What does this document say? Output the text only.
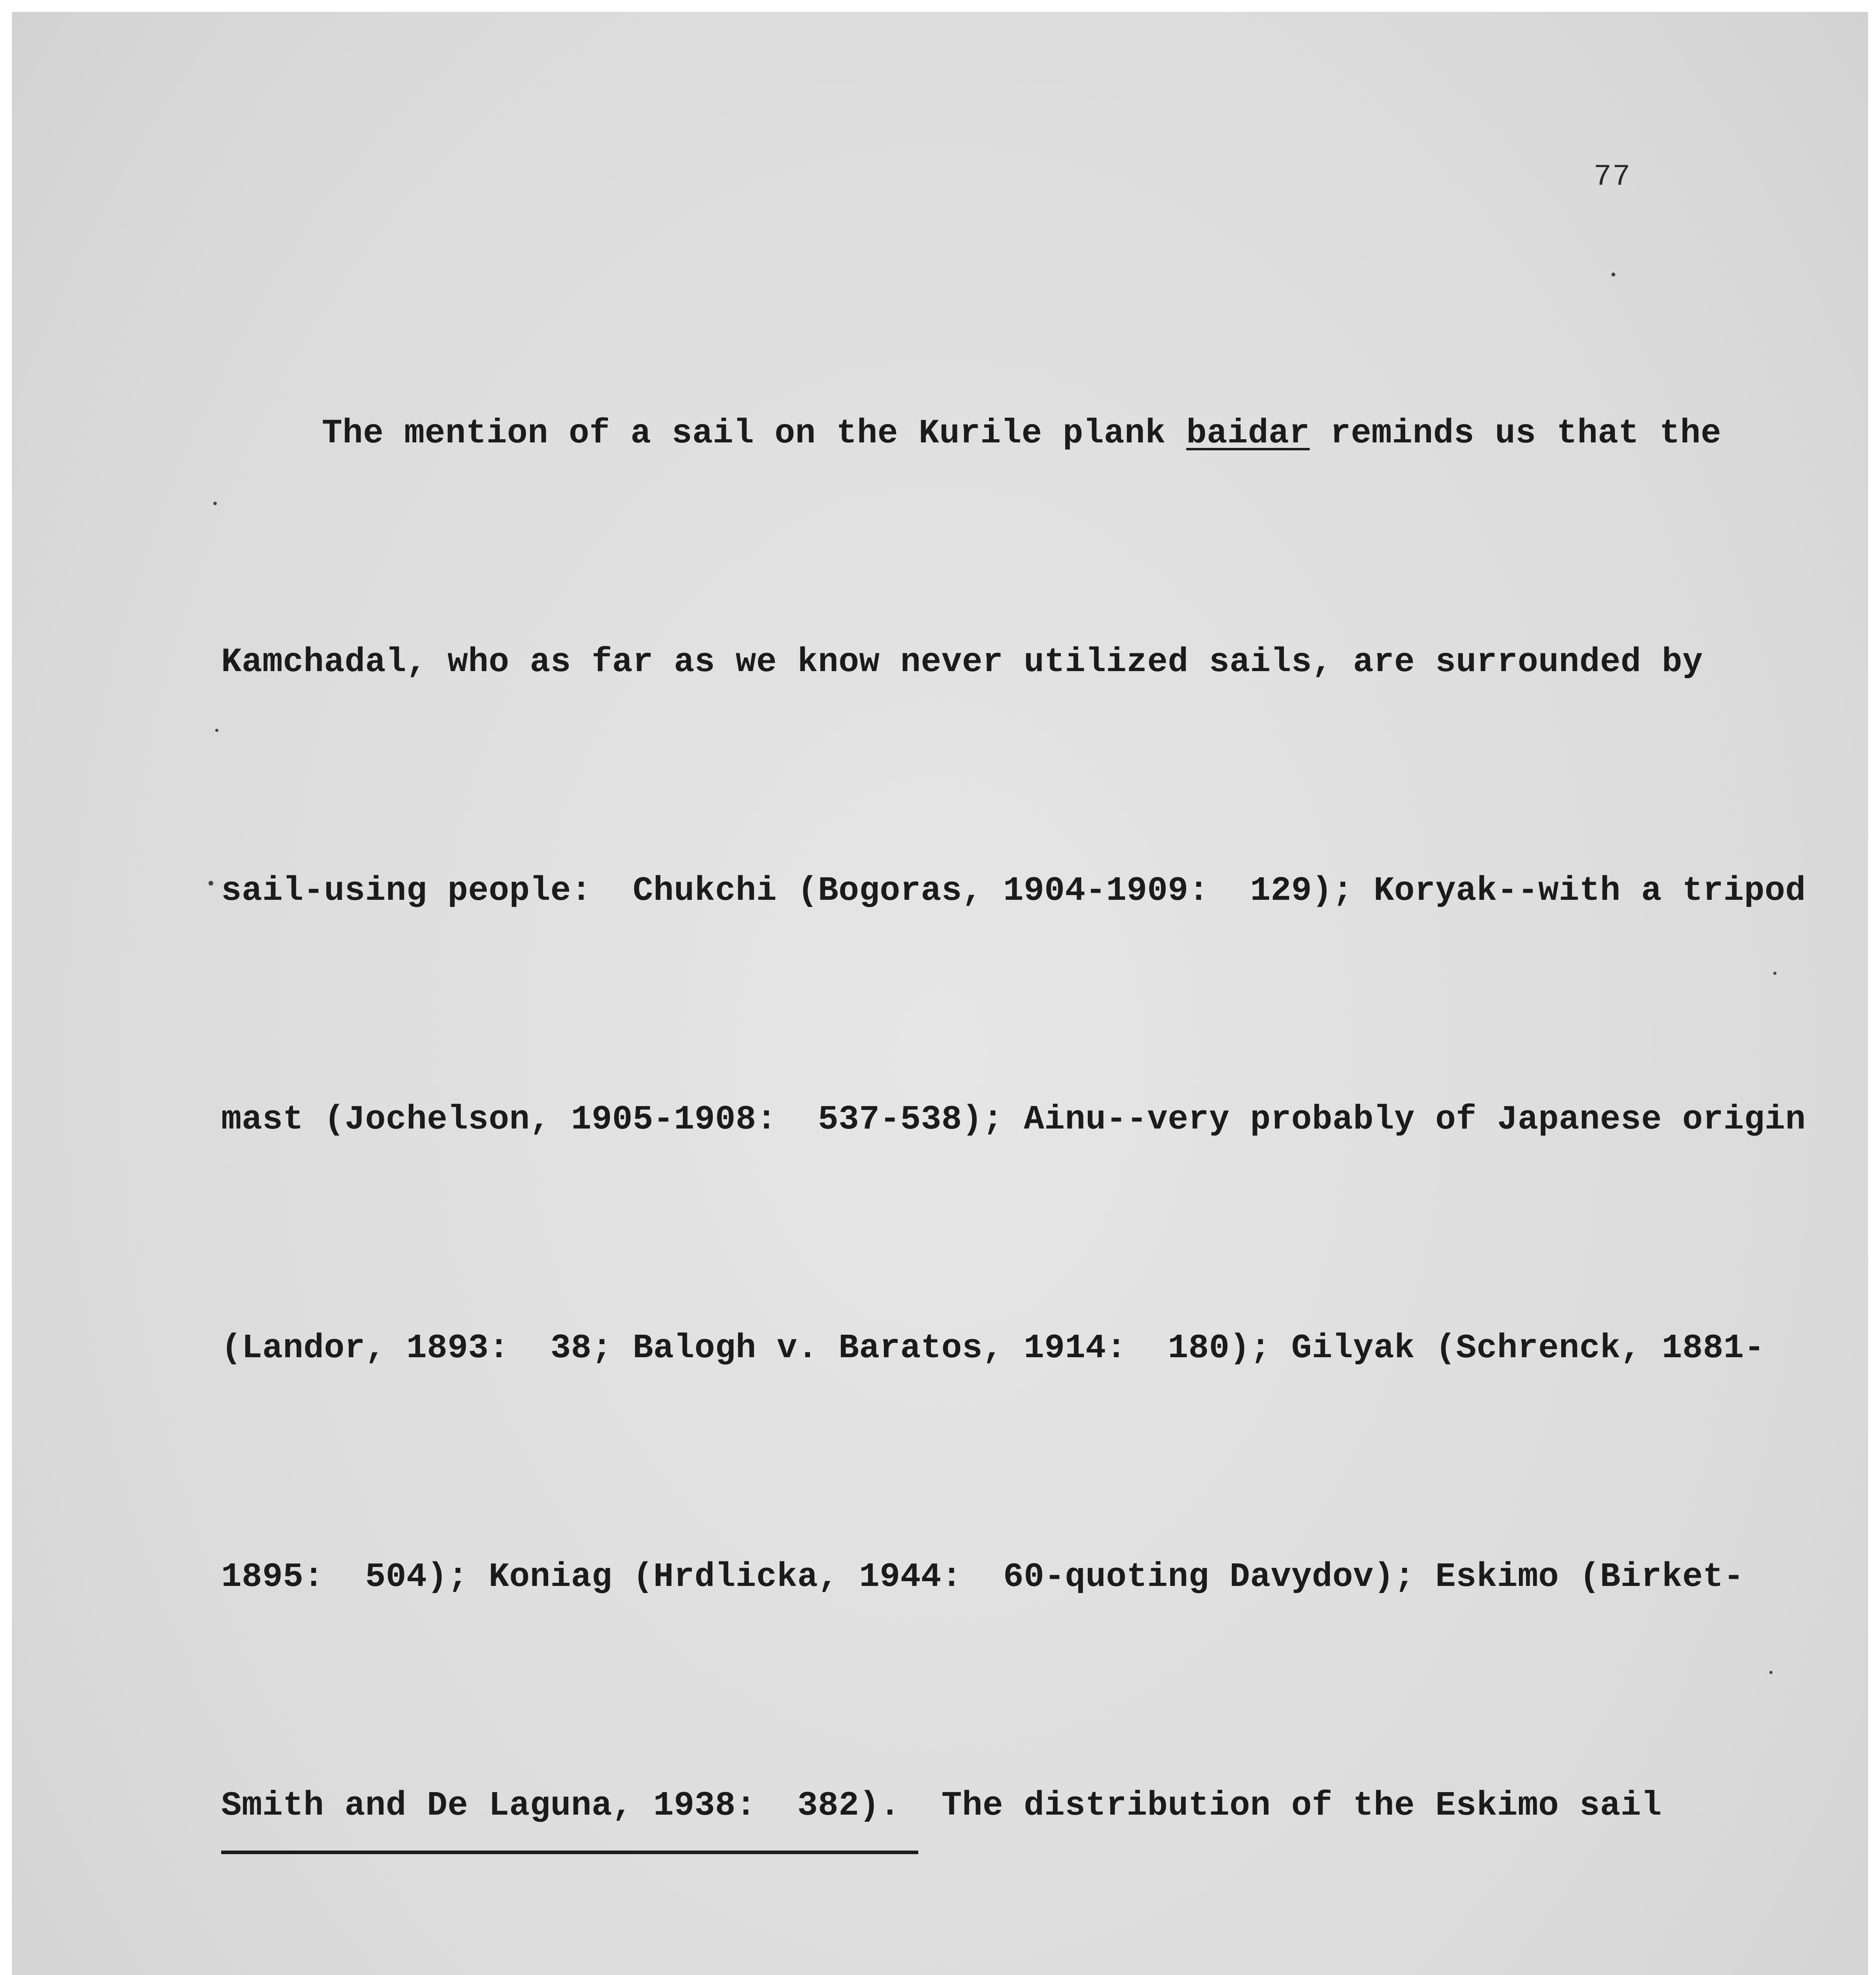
77

The mention of a sail on the Kurile plank baidar reminds us that the

Kamchadal, who as far as we know never utilized sails, are surrounded by

sail-using people:  Chukchi (Bogoras, 1904-1909:  129); Koryak--with a tripod

mast (Jochelson, 1905-1908:  537-538); Ainu--very probably of Japanese origin

(Landor, 1893:  38; Balogh v. Baratos, 1914:  180); Gilyak (Schrenck, 1881-

1895:  504); Koniag (Hrdlicka, 1944:  60-quoting Davydov); Eskimo (Birket-

Smith and De Laguna, 1938:  382).  The distribution of the Eskimo sail
